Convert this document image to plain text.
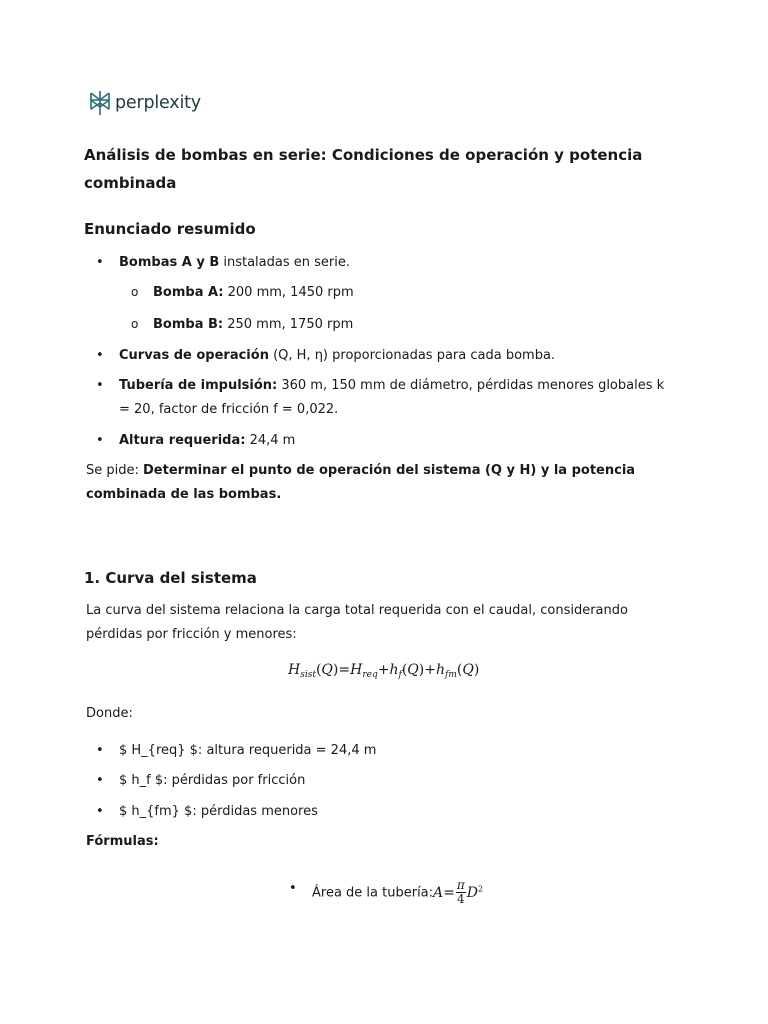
perplexity
Análisis de bombas en serie: Condiciones de operación y potencia combinada
Enunciado resumido
• Bombas A y B instaladas en serie.
o Bomba A: 200 mm, 1450 rpm
o Bomba B: 250 mm, 1750 rpm
• Curvas de operación (Q, H, η) proporcionadas para cada bomba.
• Tubería de impulsión: 360 m, 150 mm de diámetro, pérdidas menores globales k = 20, factor de fricción f = 0,022.
• Altura requerida: 24,4 m

Se pide: Determinar el punto de operación del sistema (Q y H) y la potencia combinada de las bombas.

1. Curva del sistema

La curva del sistema relaciona la carga total requerida con el caudal, considerando pérdidas por fricción y menores:

$H_{sist}(Q)=H_{req}+h_f(Q)+h_{fm}(Q)$

Donde:

• $ H_{req} $: altura requerida = 24,4 m
• $ h_f $: pérdidas por fricción
• $ h_{fm} $: pérdidas menores

Fórmulas:

• Área de la tubería:A= $\frac{\pi}{4} D^2$
